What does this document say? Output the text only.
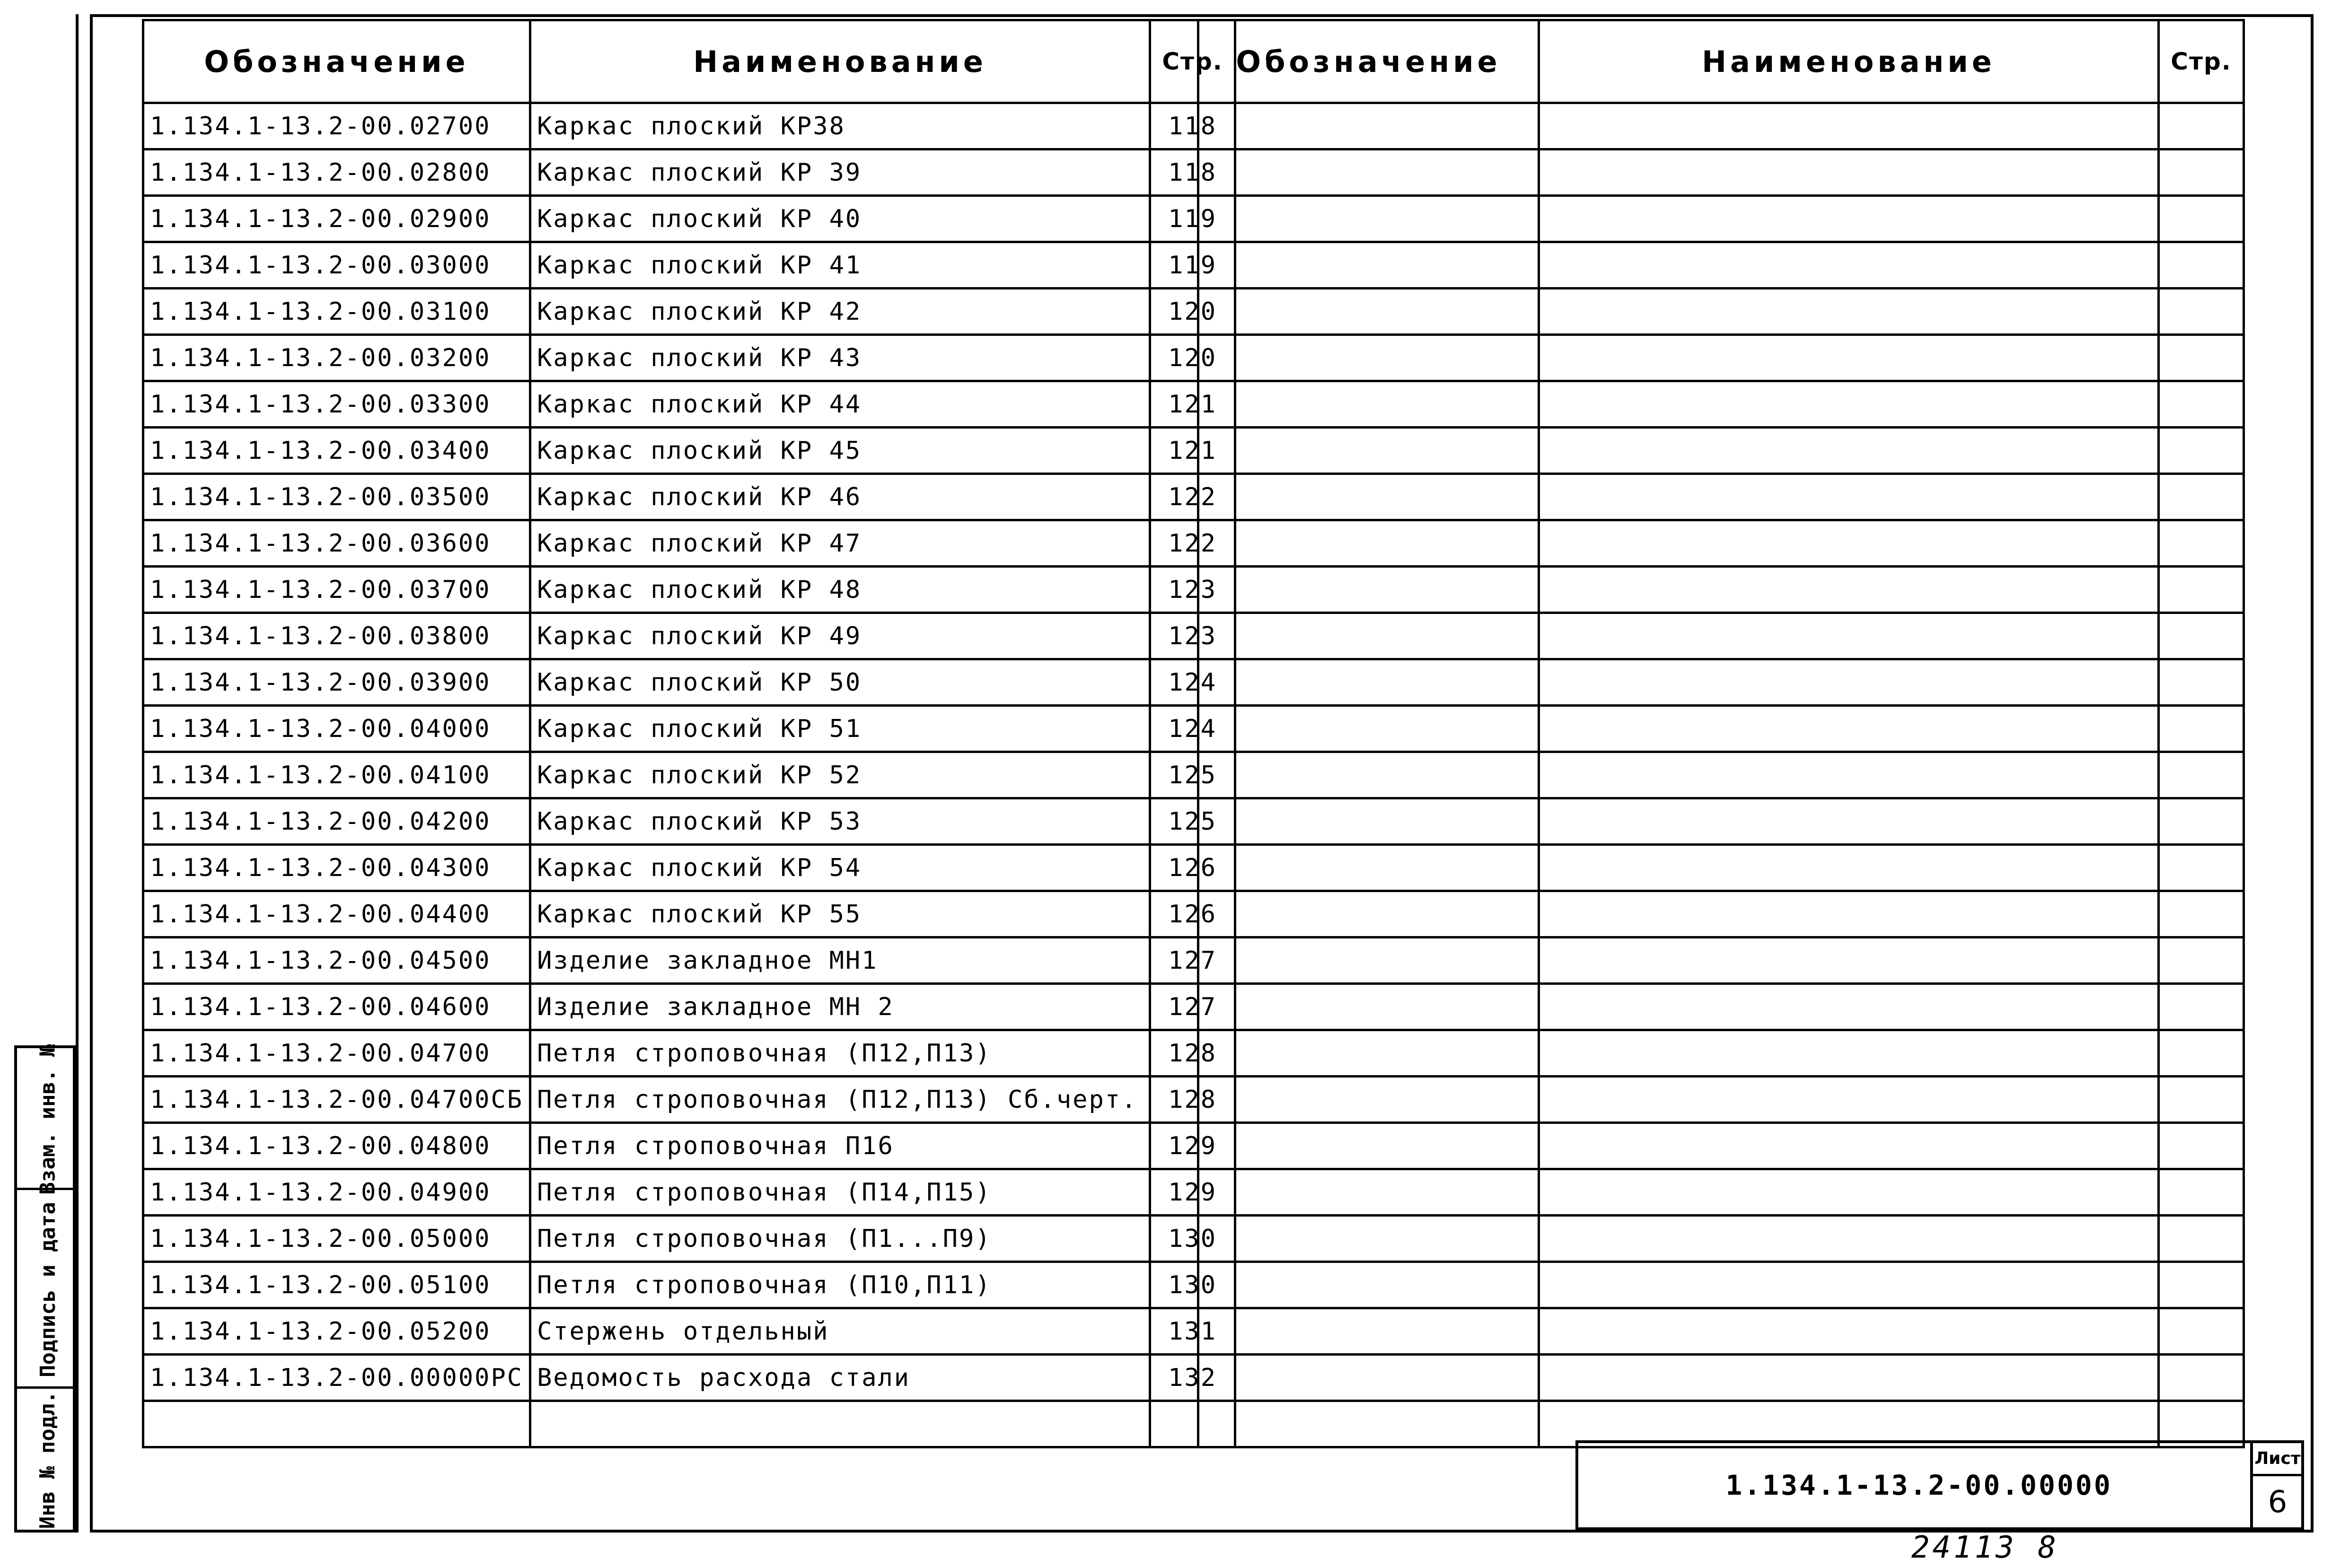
Взам. инв. №
Подпись и дата
Инв № подл.
Обозначение	Наименование	Стр.
1.134.1-13.2-00.02700	Каркас плоский КР38	118
1.134.1-13.2-00.02800	Каркас плоский КР 39	118
1.134.1-13.2-00.02900	Каркас плоский КР 40	119
1.134.1-13.2-00.03000	Каркас плоский КР 41	119
1.134.1-13.2-00.03100	Каркас плоский КР 42	120
1.134.1-13.2-00.03200	Каркас плоский КР 43	120
1.134.1-13.2-00.03300	Каркас плоский КР 44	121
1.134.1-13.2-00.03400	Каркас плоский КР 45	121
1.134.1-13.2-00.03500	Каркас плоский КР 46	122
1.134.1-13.2-00.03600	Каркас плоский КР 47	122
1.134.1-13.2-00.03700	Каркас плоский КР 48	123
1.134.1-13.2-00.03800	Каркас плоский КР 49	123
1.134.1-13.2-00.03900	Каркас плоский КР 50	124
1.134.1-13.2-00.04000	Каркас плоский КР 51	124
1.134.1-13.2-00.04100	Каркас плоский КР 52	125
1.134.1-13.2-00.04200	Каркас плоский КР 53	125
1.134.1-13.2-00.04300	Каркас плоский КР 54	126
1.134.1-13.2-00.04400	Каркас плоский КР 55	126
1.134.1-13.2-00.04500	Изделие закладное МН1	127
1.134.1-13.2-00.04600	Изделие закладное МН 2	127
1.134.1-13.2-00.04700	Петля строповочная (П12,П13)	128
1.134.1-13.2-00.04700СБ	Петля строповочная (П12,П13) Сб.черт.	128
1.134.1-13.2-00.04800	Петля строповочная П16	129
1.134.1-13.2-00.04900	Петля строповочная (П14,П15)	129
1.134.1-13.2-00.05000	Петля строповочная (П1...П9)	130
1.134.1-13.2-00.05100	Петля строповочная (П10,П11)	130
1.134.1-13.2-00.05200	Стержень отдельный	131
1.134.1-13.2-00.00000РС	Ведомость расхода стали	132

Обозначение	Наименование	Стр.

1.134.1-13.2-00.00000
Лист
6
24113 8
